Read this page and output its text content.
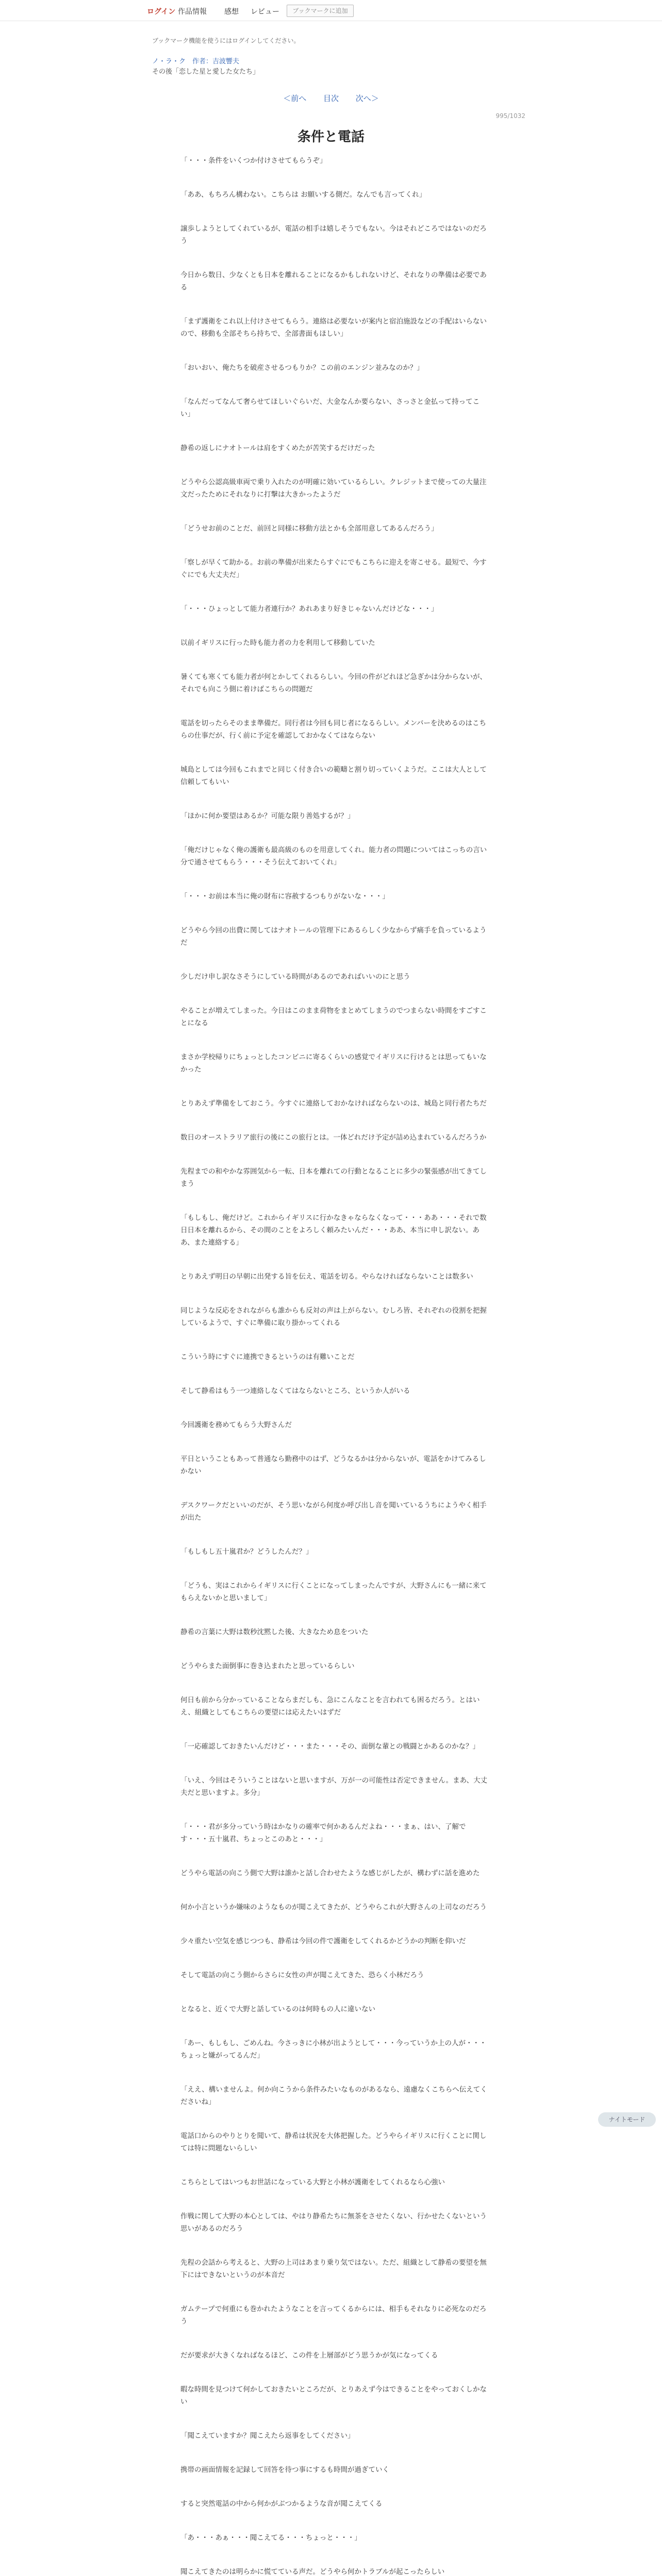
ログイン 作品情報 感想 レビュー	ブックマークに追加
ブックマーク機能を使うにはログインしてください。
ノ・ラ・ク　作者：吉波響夫
その後「恋した星と愛した女たち」
＜前へ 目次 次へ＞
995/1032
条件と電話

「・・・条件をいくつか付けさせてもらうぞ」

「ああ、もちろん構わない。こちらは お願いする側だ。なんでも言ってくれ」

譲歩しようとしてくれているが、電話の相手は嬉しそうでもない。今はそれどころではないのだろう

今日から数日、少なくとも日本を離れることになるかもしれないけど、それなりの準備は必要である

「まず護衛をこれ以上付けさせてもらう。連絡は必要ないが案内と宿泊施設などの手配はいらないので、移動も全部そちら持ちで、全部書面もほしい」

「おいおい、俺たちを破産させるつもりか？この前のエンジン並みなのか？」

「なんだってなんて奢らせてほしいぐらいだ、大金なんか要らない、さっさと金払って持ってこい」

静希の返しにナオトールは肩をすくめたが苦笑するだけだった

どうやら公認高級車両で乗り入れたのが明確に効いているらしい。クレジットまで使っての大量注文だったためにそれなりに打撃は大きかったようだ

「どうせお前のことだ、前回と同様に移動方法とかも全部用意してあるんだろう」

「察しが早くて助かる。お前の準備が出来たらすぐにでもこちらに迎えを寄こせる。最短で、今すぐにでも大丈夫だ」

「・・・ひょっとして能力者連行か？あれあまり好きじゃないんだけどな・・・」

以前イギリスに行った時も能力者の力を利用して移動していた

暑くても寒くても能力者が何とかしてくれるらしい。今回の件がどれほど急ぎかは分からないが、それでも向こう側に着けばこちらの問題だ

電話を切ったらそのまま準備だ。同行者は今回も同じ者になるらしい。メンバーを決めるのはこちらの仕事だが、行く前に予定を確認しておかなくてはならない

城島としては今回もこれまでと同じく付き合いの範疇と割り切っていくようだ。ここは大人として信頼してもいい

「ほかに何か要望はあるか？可能な限り善処するが？」

「俺だけじゃなく俺の護衛も最高級のものを用意してくれ。能力者の問題についてはこっちの言い分で通させてもらう・・・そう伝えておいてくれ」

「・・・お前は本当に俺の財布に容赦するつもりがないな・・・」

どうやら今回の出費に関してはナオトールの管理下にあるらしく少なからず痛手を負っているようだ

少しだけ申し訳なさそうにしている時間があるのであればいいのにと思う

やることが増えてしまった。今日はこのまま荷物をまとめてしまうのでつまらない時間をすごすことになる

まさか学校帰りにちょっとしたコンビニに寄るくらいの感覚でイギリスに行けるとは思ってもいなかった

とりあえず準備をしておこう。今すぐに連絡しておかなければならないのは、城島と同行者たちだ

数日のオーストラリア旅行の後にこの旅行とは。一体どれだけ予定が詰め込まれているんだろうか

先程までの和やかな雰囲気から一転、日本を離れての行動となることに多少の緊張感が出てきてしまう

「もしもし、俺だけど。これからイギリスに行かなきゃならなくなって・・・ああ・・・それで数日日本を離れるから、その間のことをよろしく頼みたいんだ・・・ああ、本当に申し訳ない。ああ、また連絡する」

とりあえず明日の早朝に出発する旨を伝え、電話を切る。やらなければならないことは数多い

同じような反応をされながらも誰からも反対の声は上がらない。むしろ皆、それぞれの役割を把握しているようで、すぐに準備に取り掛かってくれる

こういう時にすぐに連携できるというのは有難いことだ

そして静希はもう一つ連絡しなくてはならないところ、というか人がいる

今回護衛を務めてもらう大野さんだ

平日ということもあって普通なら勤務中のはず、どうなるかは分からないが、電話をかけてみるしかない

デスクワークだといいのだが、そう思いながら何度か呼び出し音を聞いているうちにようやく相手が出た

「もしもし五十嵐君か？どうしたんだ？」

「どうも、実はこれからイギリスに行くことになってしまったんですが、大野さんにも一緒に来てもらえないかと思いまして」

静希の言葉に大野は数秒沈黙した後、大きなため息をついた

どうやらまた面倒事に巻き込まれたと思っているらしい

何日も前から分かっていることならまだしも、急にこんなことを言われても困るだろう。とはいえ、組織としてもこちらの要望には応えたいはずだ

「一応確認しておきたいんだけど・・・また・・・その、面倒な輩との戦闘とかあるのかな？」

「いえ、今回はそういうことはないと思いますが、万が一の可能性は否定できません。まあ、大丈夫だと思いますよ。多分」

「・・・君が多分っていう時はかなりの確率で何かあるんだよね・・・まぁ、はい、了解です・・・五十嵐君、ちょっとこのあと・・・」

どうやら電話の向こう側で大野は誰かと話し合わせたような感じがしたが、構わずに話を進めた

何か小言というか嫌味のようなものが聞こえてきたが、どうやらこれが大野さんの上司なのだろう

少々重たい空気を感じつつも、静希は今回の件で護衛をしてくれるかどうかの判断を仰いだ

そして電話の向こう側からさらに女性の声が聞こえてきた、恐らく小林だろう

となると、近くで大野と話しているのは何時もの人に違いない

「あー、もしもし、ごめんね。今さっきに小林が出ようとして・・・今っていうか上の人が・・・ちょっと嫌がってるんだ」

「ええ、構いませんよ。何か向こうから条件みたいなものがあるなら、遠慮なくこちらへ伝えてくださいね」

電話口からのやりとりを聞いて、静希は状況を大体把握した。どうやらイギリスに行くことに関しては特に問題ないらしい

こちらとしてはいつもお世話になっている大野と小林が護衛をしてくれるなら心強い

作戦に関して大野の本心としては、やはり静希たちに無茶をさせたくない、行かせたくないという思いがあるのだろう

先程の会話から考えると、大野の上司はあまり乗り気ではない。ただ、組織として静希の要望を無下にはできないというのが本音だ

ガムテープで何重にも巻かれたようなことを言ってくるからには、相手もそれなりに必死なのだろう

だが要求が大きくなればなるほど、この件を上層部がどう思うかが気になってくる

暇な時間を見つけて何かしておきたいところだが、とりあえず今はできることをやっておくしかない

「聞こえていますか？聞こえたら返事をしてください」

携帯の画面情報を記録して回答を待つ事にするも時間が過ぎていく

すると突然電話の中から何かがぶつかるような音が聞こえてくる

「あ・・・あぁ・・・聞こえてる・・・ちょっと・・・」

聞こえてきたのは明らかに慌てている声だ。どうやら何かトラブルが起こったらしい

ナイトモード
